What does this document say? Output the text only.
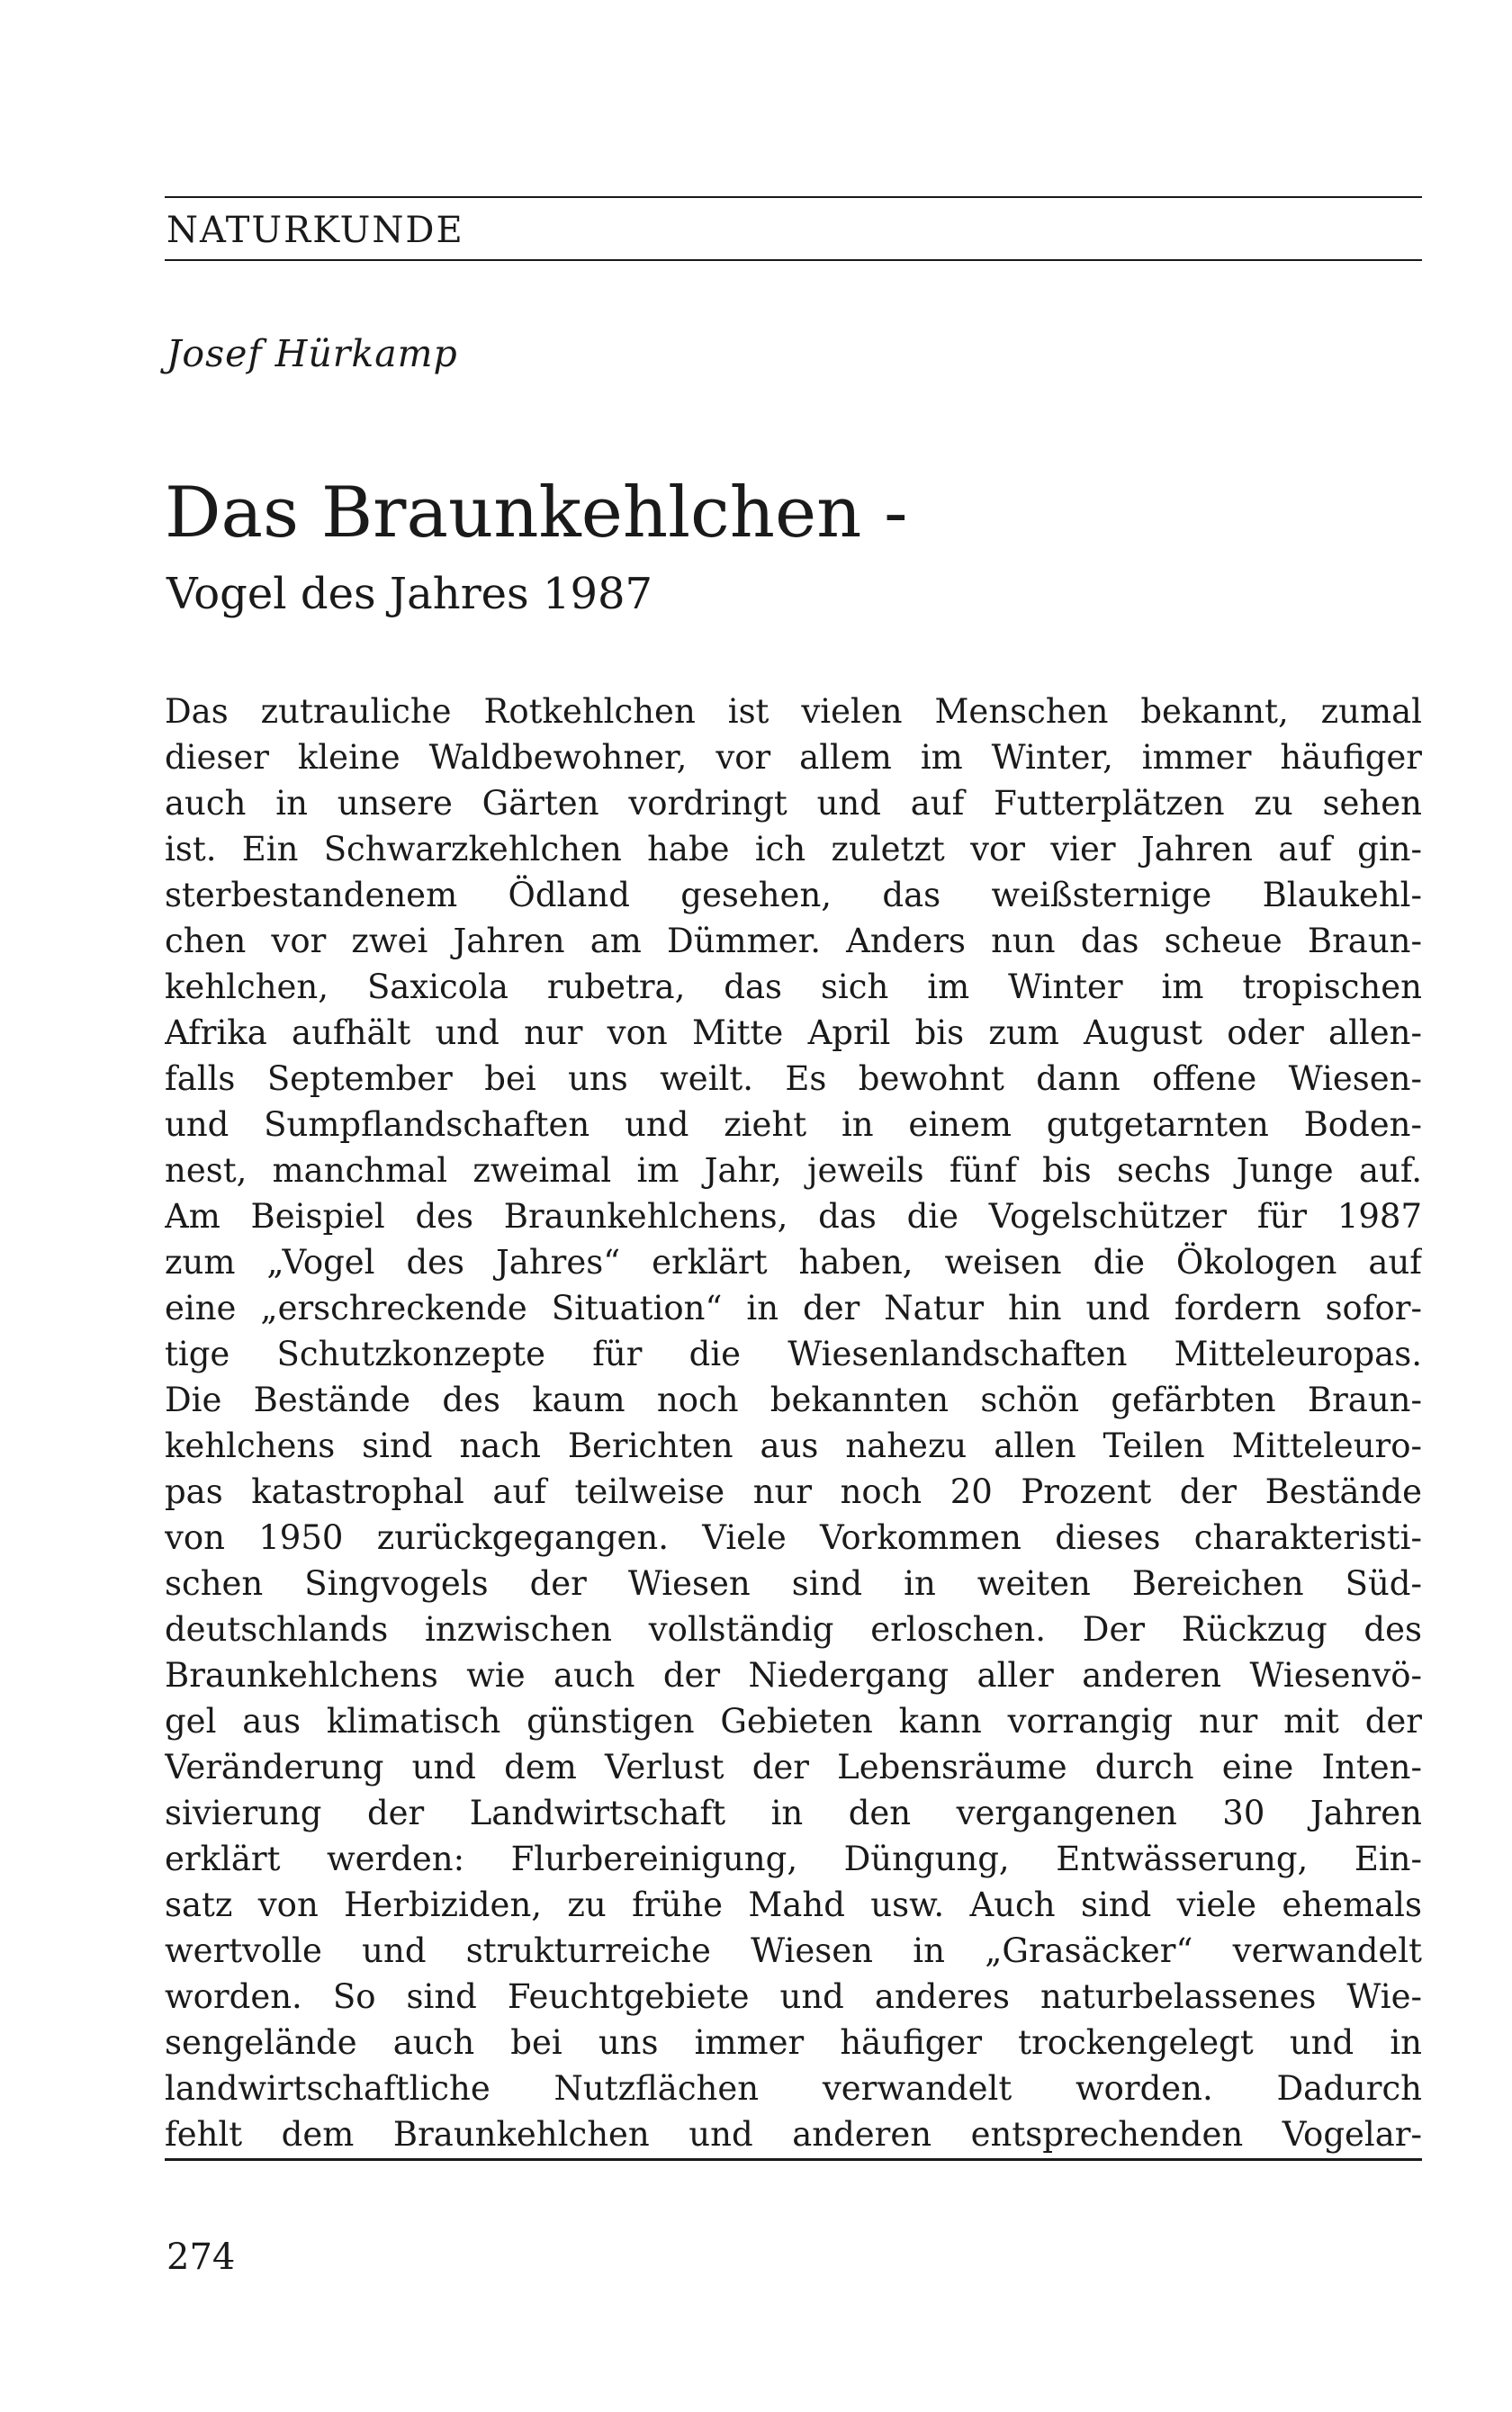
NATURKUNDE
Josef Hürkamp
Das Braunkehlchen -
Vogel des Jahres 1987
Das zutrauliche Rotkehlchen ist vielen Menschen bekannt, zumal
dieser kleine Waldbewohner, vor allem im Winter, immer häufiger
auch in unsere Gärten vordringt und auf Futterplätzen zu sehen
ist. Ein Schwarzkehlchen habe ich zuletzt vor vier Jahren auf gin-
sterbestandenem Ödland gesehen, das weißsternige Blaukehl-
chen vor zwei Jahren am Dümmer. Anders nun das scheue Braun-
kehlchen, Saxicola rubetra, das sich im Winter im tropischen
Afrika aufhält und nur von Mitte April bis zum August oder allen-
falls September bei uns weilt. Es bewohnt dann offene Wiesen-
und Sumpflandschaften und zieht in einem gutgetarnten Boden-
nest, manchmal zweimal im Jahr, jeweils fünf bis sechs Junge auf.
Am Beispiel des Braunkehlchens, das die Vogelschützer für 1987
zum „Vogel des Jahres“ erklärt haben, weisen die Ökologen auf
eine „erschreckende Situation“ in der Natur hin und fordern sofor-
tige Schutzkonzepte für die Wiesenlandschaften Mitteleuropas.
Die Bestände des kaum noch bekannten schön gefärbten Braun-
kehlchens sind nach Berichten aus nahezu allen Teilen Mitteleuro-
pas katastrophal auf teilweise nur noch 20 Prozent der Bestände
von 1950 zurückgegangen. Viele Vorkommen dieses charakteristi-
schen Singvogels der Wiesen sind in weiten Bereichen Süd-
deutschlands inzwischen vollständig erloschen. Der Rückzug des
Braunkehlchens wie auch der Niedergang aller anderen Wiesenvö-
gel aus klimatisch günstigen Gebieten kann vorrangig nur mit der
Veränderung und dem Verlust der Lebensräume durch eine Inten-
sivierung der Landwirtschaft in den vergangenen 30 Jahren
erklärt werden: Flurbereinigung, Düngung, Entwässerung, Ein-
satz von Herbiziden, zu frühe Mahd usw. Auch sind viele ehemals
wertvolle und strukturreiche Wiesen in „Grasäcker“ verwandelt
worden. So sind Feuchtgebiete und anderes naturbelassenes Wie-
sengelände auch bei uns immer häufiger trockengelegt und in
landwirtschaftliche Nutzflächen verwandelt worden. Dadurch
fehlt dem Braunkehlchen und anderen entsprechenden Vogelar-
274
